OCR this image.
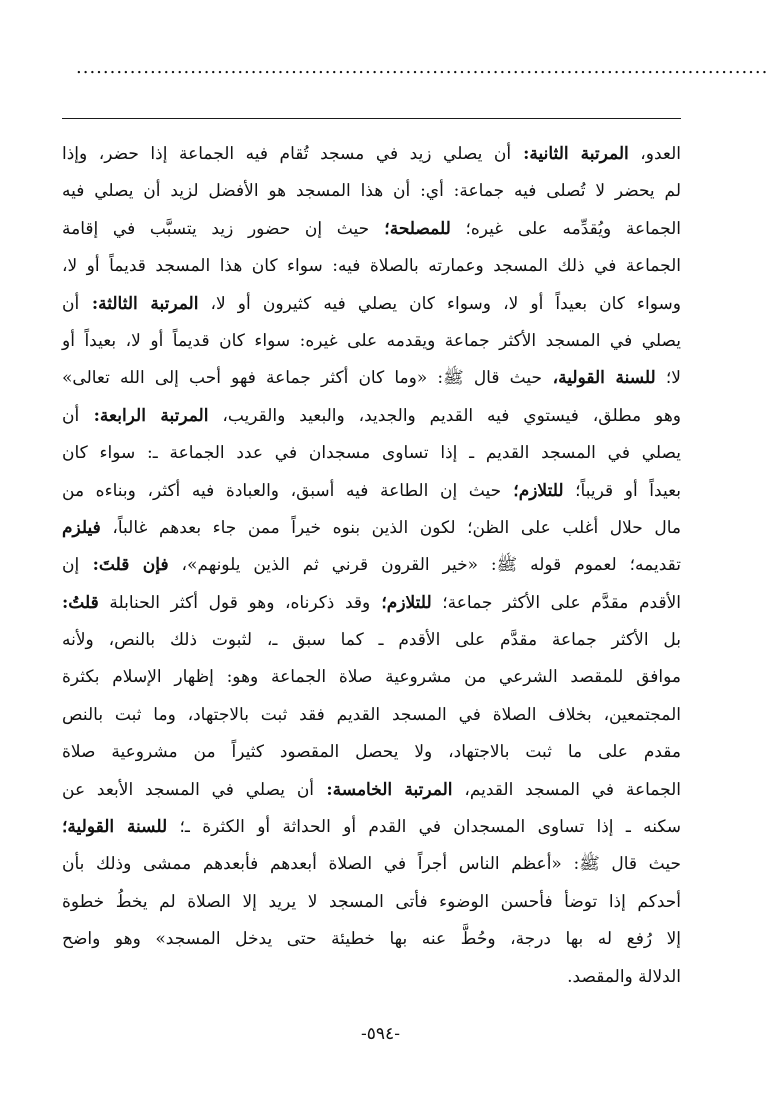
.......................................................................................................
العدو، المرتبة الثانية: أن يصلي زيد في مسجد تُقام فيه الجماعة إذا حضر، وإذا
لم يحضر لا تُصلى فيه جماعة: أي: أن هذا المسجد هو الأفضل لزيد أن يصلي فيه
الجماعة ويُقدِّمه على غيره؛ للمصلحة؛ حيث إن حضور زيد يتسبَّب في إقامة
الجماعة في ذلك المسجد وعمارته بالصلاة فيه: سواء كان هذا المسجد قديماً أو لا،
وسواء كان بعيداً أو لا، وسواء كان يصلي فيه كثيرون أو لا، المرتبة الثالثة: أن
يصلي في المسجد الأكثر جماعة ويقدمه على غيره: سواء كان قديماً أو لا، بعيداً أو
لا؛ للسنة القولية، حيث قال ﷺ: «وما كان أكثر جماعة فهو أحب إلى الله تعالى»
وهو مطلق، فيستوي فيه القديم والجديد، والبعيد والقريب، المرتبة الرابعة: أن
يصلي في المسجد القديم ـ إذا تساوى مسجدان في عدد الجماعة ـ: سواء كان
بعيداً أو قريباً؛ للتلازم؛ حيث إن الطاعة فيه أسبق، والعبادة فيه أكثر، وبناءه من
مال حلال أغلب على الظن؛ لكون الذين بنوه خيراً ممن جاء بعدهم غالباً، فيلزم
تقديمه؛ لعموم قوله ﷺ: «خير القرون قرني ثم الذين يلونهم»، فإن قلتَ: إن
الأقدم مقدَّم على الأكثر جماعة؛ للتلازم؛ وقد ذكرناه، وهو قول أكثر الحنابلة قلتُ:
بل الأكثر جماعة مقدَّم على الأقدم ـ كما سبق ـ، لثبوت ذلك بالنص، ولأنه
موافق للمقصد الشرعي من مشروعية صلاة الجماعة وهو: إظهار الإسلام بكثرة
المجتمعين، بخلاف الصلاة في المسجد القديم فقد ثبت بالاجتهاد، وما ثبت بالنص
مقدم على ما ثبت بالاجتهاد، ولا يحصل المقصود كثيراً من مشروعية صلاة
الجماعة في المسجد القديم، المرتبة الخامسة: أن يصلي في المسجد الأبعد عن
سكنه ـ إذا تساوى المسجدان في القدم أو الحداثة أو الكثرة ـ؛ للسنة القولية؛
حيث قال ﷺ: «أعظم الناس أجراً في الصلاة أبعدهم فأبعدهم ممشى وذلك بأن
أحدكم إذا توضأ فأحسن الوضوء فأتى المسجد لا يريد إلا الصلاة لم يخطُ خطوة
إلا رُفع له بها درجة، وحُطَّ عنه بها خطيئة حتى يدخل المسجد» وهو واضح
الدلالة والمقصد.
-٥٩٤-
